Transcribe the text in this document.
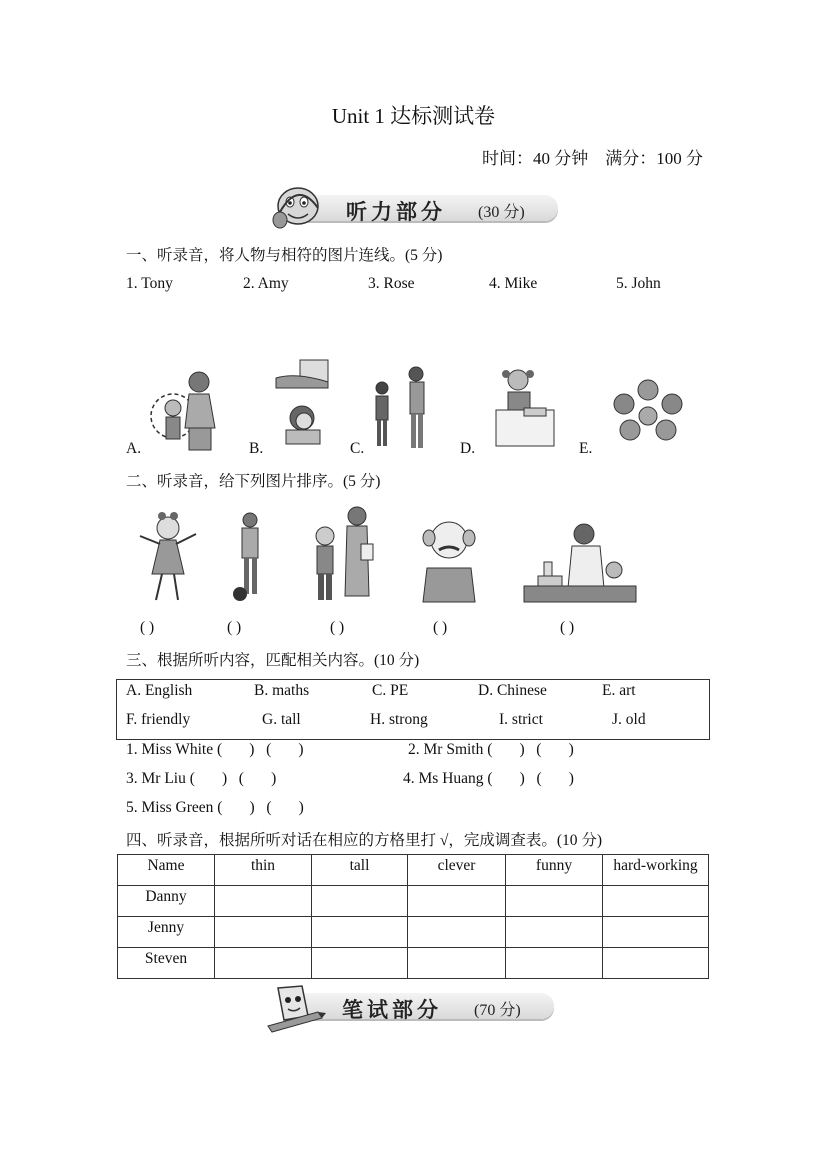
Unit 1 达标测试卷
时间：40 分钟    满分：100 分
听力部分 (30 分)
一、听录音，将人物与相符的图片连线。(5 分)
1. Tony	2. Amy	3. Rose	4. Mike	5. John
A.	B.	C.	D.	E.
二、听录音，给下列图片排序。(5 分)
( )	( )	( )	( )	( )
三、根据所听内容，匹配相关内容。(10 分)
A. English	B. maths	C. PE	D. Chinese	E. art
F. friendly	G. tall	H. strong	I. strict	J. old
1. Miss White (       )   (       )	2. Mr Smith (       )   (       )
3. Mr Liu (       )   (       )	4. Ms Huang (       )   (       )
5. Miss Green (       )   (       )
四、听录音，根据所听对话在相应的方格里打 √，完成调查表。(10 分)
Name	thin	tall	clever	funny	hard-working
Danny					
Jenny					
Steven					
笔试部分 (70 分)
